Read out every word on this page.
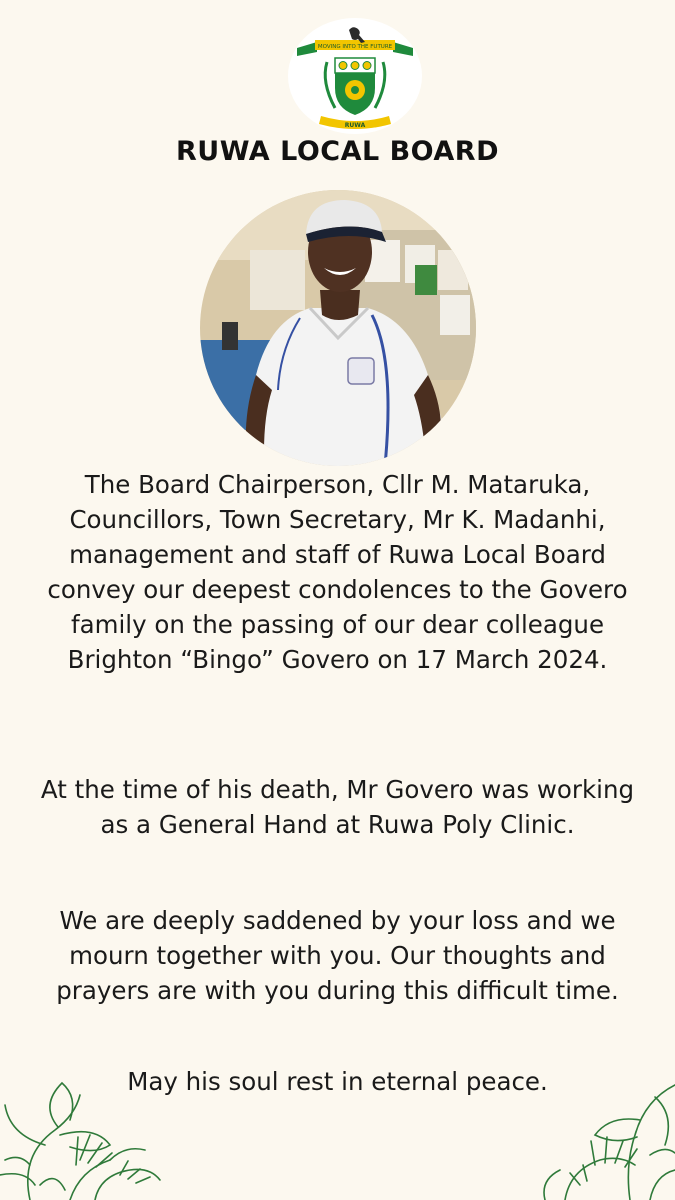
MOVING INTO THE FUTURE
RUWA
RUWA LOCAL BOARD
The Board Chairperson, Cllr M. Mataruka,
Councillors, Town Secretary, Mr K. Madanhi,
management and staff of Ruwa Local Board
convey our deepest condolences to the Govero
family on the passing of our dear colleague
Brighton “Bingo” Govero on 17 March 2024.
At the time of his death, Mr Govero was working
as a General Hand at Ruwa Poly Clinic.
We are deeply saddened by your loss and we
mourn together with you. Our thoughts and
prayers are with you during this difficult time.
May his soul rest in eternal peace.
